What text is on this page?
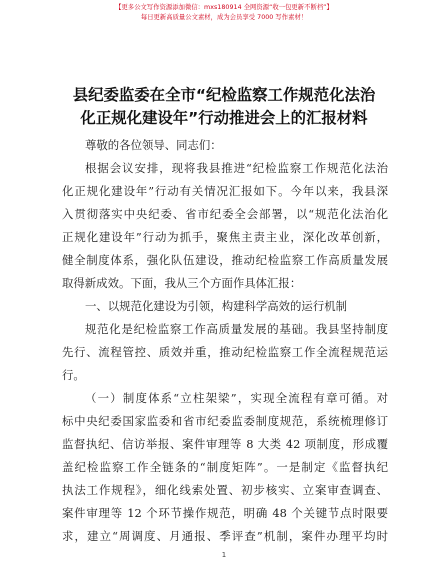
【更多公文写作资源添加微信：mxs180914 全网资源“收一包更新不断档”】
每日更新高质量公文素材，成为会员享受 7000 写作素材！
县纪委监委在全市“纪检监察工作规范化法治
化正规化建设年”行动推进会上的汇报材料
尊敬的各位领导、同志们：
根据会议安排，现将我县推进“纪检监察工作规范化法治
化正规化建设年”行动有关情况汇报如下。今年以来，我县深
入贯彻落实中央纪委、省市纪委全会部署，以“规范化法治化
正规化建设年”行动为抓手，聚焦主责主业，深化改革创新，
健全制度体系，强化队伍建设，推动纪检监察工作高质量发展
取得新成效。下面，我从三个方面作具体汇报：
一、以规范化建设为引领，构建科学高效的运行机制
规范化是纪检监察工作高质量发展的基础。我县坚持制度
先行、流程管控、质效并重，推动纪检监察工作全流程规范运
行。
（一）制度体系“立柱架梁”，实现全流程有章可循。对
标中央纪委国家监委和省市纪委监委制度规范，系统梳理修订
监督执纪、信访举报、案件审理等 8 大类 42 项制度，形成覆
盖纪检监察工作全链条的“制度矩阵”。一是制定《监督执纪
执法工作规程》，细化线索处置、初步核实、立案审查调查、
案件审理等 12 个环节操作规范，明确 48 个关键节点时限要
求，建立“周调度、月通报、季评查”机制，案件办理平均时
1
